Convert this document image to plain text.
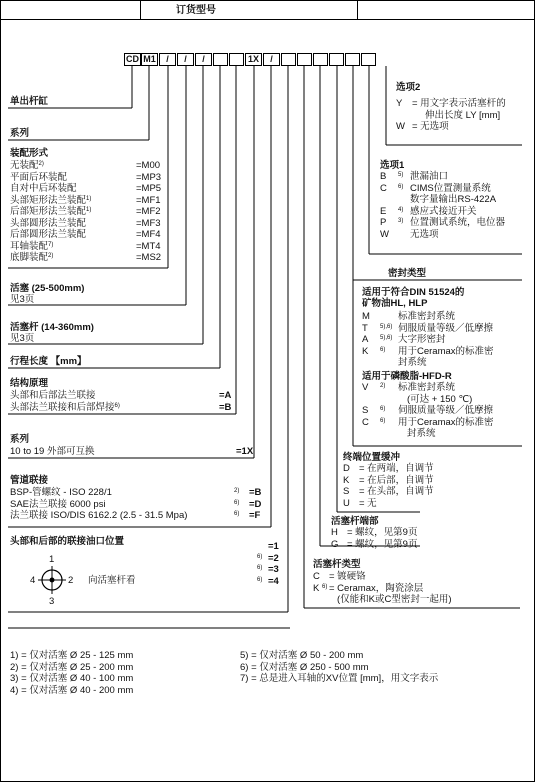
订货型号
CD M1	/	/	/	1X	/
单出杆缸
系列
装配形式
无装配$^{2)}$	=M00
平面后环装配	=MP3
自对中后环装配	=MP5
头部矩形法兰装配$^{1)}$	=MF1
后部矩形法兰装配$^{1)}$	=MF2
头部圆形法兰装配	=MF3
后部圆形法兰装配	=MF4
耳轴装配$^{7)}$	=MT4
底脚装配$^{2)}$	=MS2
活塞 (25-500mm)
见3页
活塞杆 (14-360mm)
见3页
行程长度 【mm】
结构原理
头部和后部法兰联接	=A
头部法兰联接和后部焊接$^{6)}$	=B
系列
10 to 19 外部可互换	=1X
管道联接
BSP-管螺纹 - ISO 228/1	2) =B
SAE法兰联接 6000 psi	6) =D
法兰联接 ISO/DIS 6162.2 (2.5 - 31.5 Mpa)	6) =F
头部和后部的联接油口位置	=1
6) =2
6) =3
6) =4
1
2
3
4	向活塞杆看
选项2
Y = 用文字表示活塞杆的
伸出长度 LY [mm]
W = 无选项
选项1
B 5) 泄漏油口
C 6) CIMS位置测量系统
数字量输出RS-422A
E 4) 感应式接近开关
P 3) 位置测试系统，电位器
W 无选项
密封类型
适用于符合DIN 51524的
矿物油HL, HLP
M	标准密封系统
T 5),6) 伺服质量等级／低摩擦
A 5),6) 大字形密封
K 6) 用于Ceramax的标准密
封系统
适用于磷酸脂-HFD-R
V 2) 标准密封系统
(可达 + 150 ℃)
S 6) 伺服质量等级／低摩擦
C 6) 用于Ceramax的标准密
封系统
终端位置缓冲
D = 在两端，自调节
K = 在后部，自调节
S = 在头部，自调节
U = 无
活塞杆端部
H = 螺纹，见第9页
G = 螺纹，见第9页
活塞杆类型
C = 镀硬铬
K 6) = Ceramax，陶瓷涂层
(仅能和K或C型密封一起用)
1) = 仅对活塞 Ø 25 - 125 mm
2) = 仅对活塞 Ø 25 - 200 mm
3) = 仅对活塞 Ø 40 - 100 mm
4) = 仅对活塞 Ø 40 - 200 mm
5) = 仅对活塞 Ø 50 - 200 mm
6) = 仅对活塞 Ø 250 - 500 mm
7) = 总是进入耳轴的XV位置 [mm]，用文字表示
